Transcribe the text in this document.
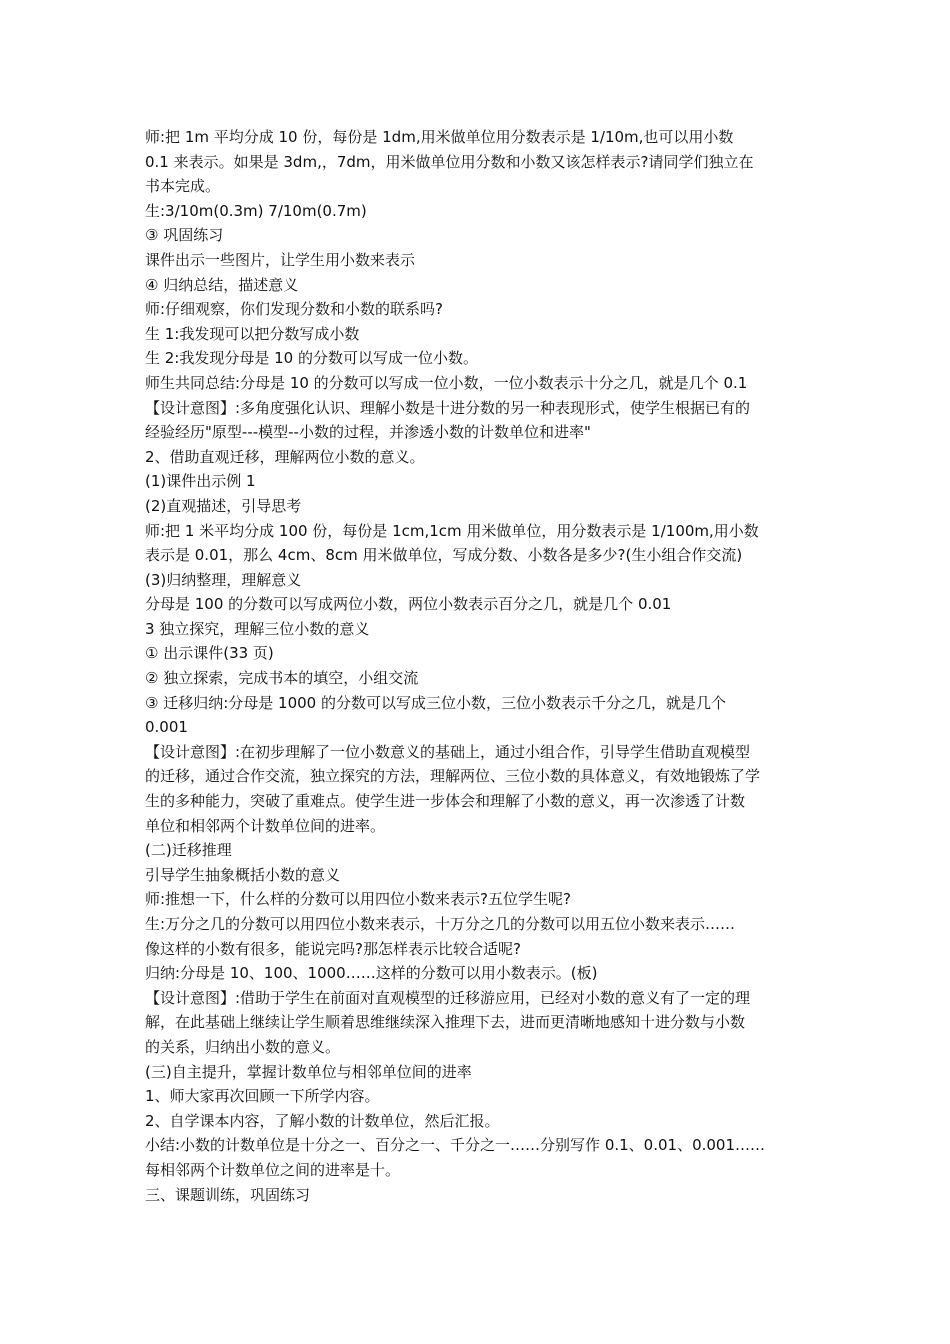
师:把 1m 平均分成 10 份，每份是 1dm,用米做单位用分数表示是 1/10m,也可以用小数

0.1 来表示。如果是 3dm,，7dm，用米做单位用分数和小数又该怎样表示?请同学们独立在

书本完成。

生:3/10m(0.3m) 7/10m(0.7m)

③ 巩固练习

课件出示一些图片，让学生用小数来表示

④ 归纳总结，描述意义

师:仔细观察，你们发现分数和小数的联系吗?

生 1:我发现可以把分数写成小数

生 2:我发现分母是 10 的分数可以写成一位小数。

师生共同总结:分母是 10 的分数可以写成一位小数，一位小数表示十分之几，就是几个 0.1

【设计意图】:多角度强化认识、理解小数是十进分数的另一种表现形式，使学生根据已有的

经验经历"原型---模型--小数的过程，并渗透小数的计数单位和进率"

2、借助直观迁移，理解两位小数的意义。

(1)课件出示例 1

(2)直观描述，引导思考

师:把 1 米平均分成 100 份，每份是 1cm,1cm 用米做单位，用分数表示是 1/100m,用小数

表示是 0.01，那么 4cm、8cm 用米做单位，写成分数、小数各是多少?(生小组合作交流)

(3)归纳整理，理解意义

分母是 100 的分数可以写成两位小数，两位小数表示百分之几，就是几个 0.01

3 独立探究，理解三位小数的意义

① 出示课件(33 页)

② 独立探索，完成书本的填空，小组交流

③ 迁移归纳:分母是 1000 的分数可以写成三位小数，三位小数表示千分之几，就是几个

0.001

【设计意图】:在初步理解了一位小数意义的基础上，通过小组合作，引导学生借助直观模型

的迁移，通过合作交流，独立探究的方法，理解两位、三位小数的具体意义，有效地锻炼了学

生的多种能力，突破了重难点。使学生进一步体会和理解了小数的意义，再一次渗透了计数

单位和相邻两个计数单位间的进率。

(二)迁移推理

引导学生抽象概括小数的意义

师:推想一下，什么样的分数可以用四位小数来表示?五位学生呢?

生:万分之几的分数可以用四位小数来表示，十万分之几的分数可以用五位小数来表示……

像这样的小数有很多，能说完吗?那怎样表示比较合适呢?

归纳:分母是 10、100、1000……这样的分数可以用小数表示。(板)

【设计意图】:借助于学生在前面对直观模型的迁移游应用，已经对小数的意义有了一定的理

解，在此基础上继续让学生顺着思维继续深入推理下去，进而更清晰地感知十进分数与小数

的关系，归纳出小数的意义。

(三)自主提升，掌握计数单位与相邻单位间的进率

1、师大家再次回顾一下所学内容。

2、自学课本内容，了解小数的计数单位，然后汇报。

小结:小数的计数单位是十分之一、百分之一、千分之一……分别写作 0.1、0.01、0.001……

每相邻两个计数单位之间的进率是十。

三、课题训练，巩固练习
